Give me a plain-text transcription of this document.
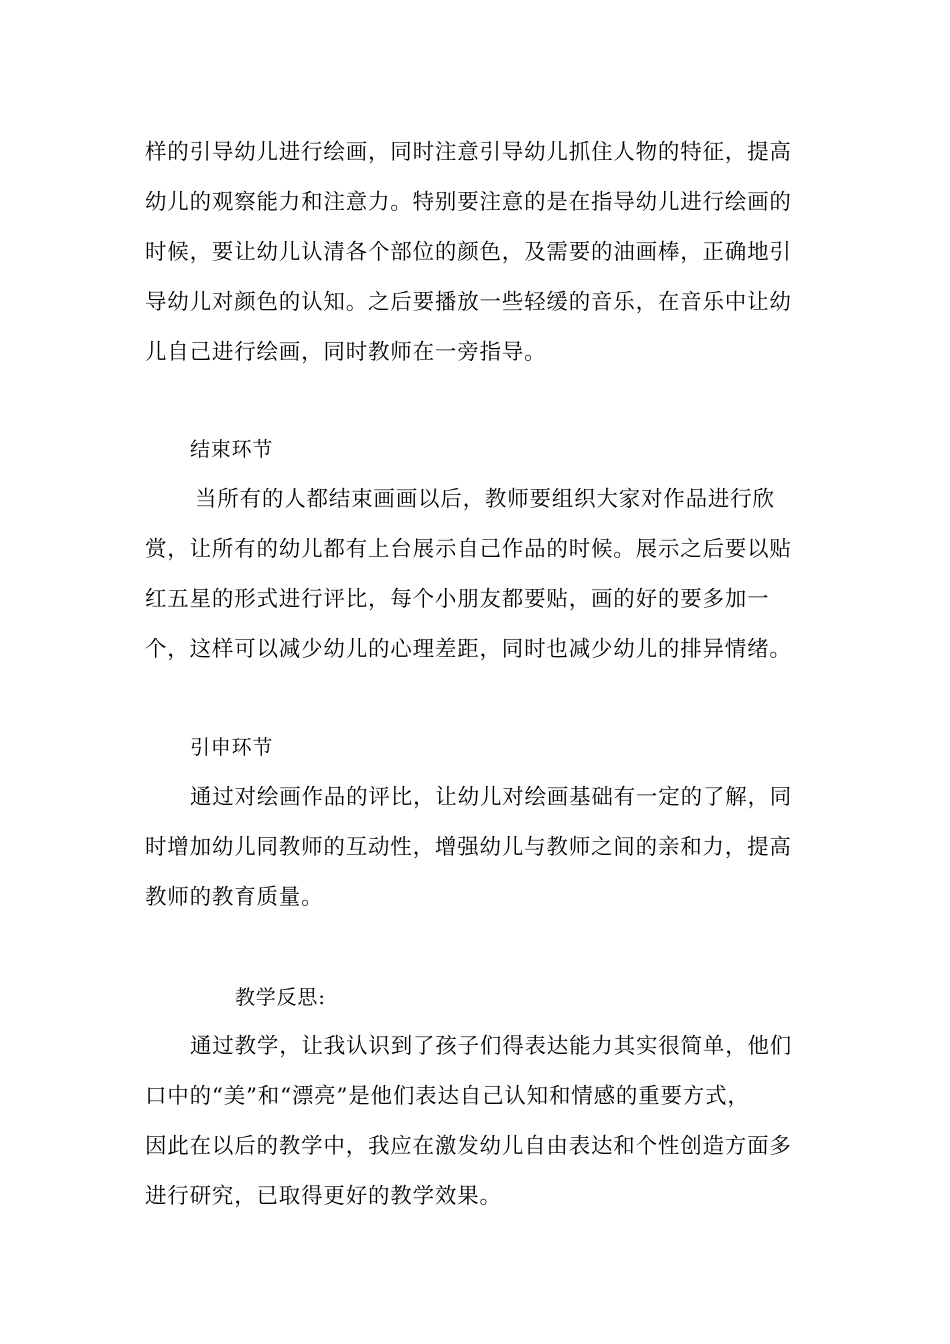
样的引导幼儿进行绘画，同时注意引导幼儿抓住人物的特征，提高
幼儿的观察能力和注意力。特别要注意的是在指导幼儿进行绘画的
时候，要让幼儿认清各个部位的颜色，及需要的油画棒，正确地引
导幼儿对颜色的认知。之后要播放一些轻缓的音乐，在音乐中让幼
儿自己进行绘画，同时教师在一旁指导。
结束环节
当所有的人都结束画画以后，教师要组织大家对作品进行欣
赏，让所有的幼儿都有上台展示自己作品的时候。展示之后要以贴
红五星的形式进行评比，每个小朋友都要贴，画的好的要多加一
个，这样可以减少幼儿的心理差距，同时也减少幼儿的排异情绪。
引申环节
通过对绘画作品的评比，让幼儿对绘画基础有一定的了解，同
时增加幼儿同教师的互动性，增强幼儿与教师之间的亲和力，提高
教师的教育质量。
教学反思:
通过教学，让我认识到了孩子们得表达能力其实很简单，他们
口中的“美”和“漂亮”是他们表达自己认知和情感的重要方式，
因此在以后的教学中，我应在激发幼儿自由表达和个性创造方面多
进行研究，已取得更好的教学效果。
